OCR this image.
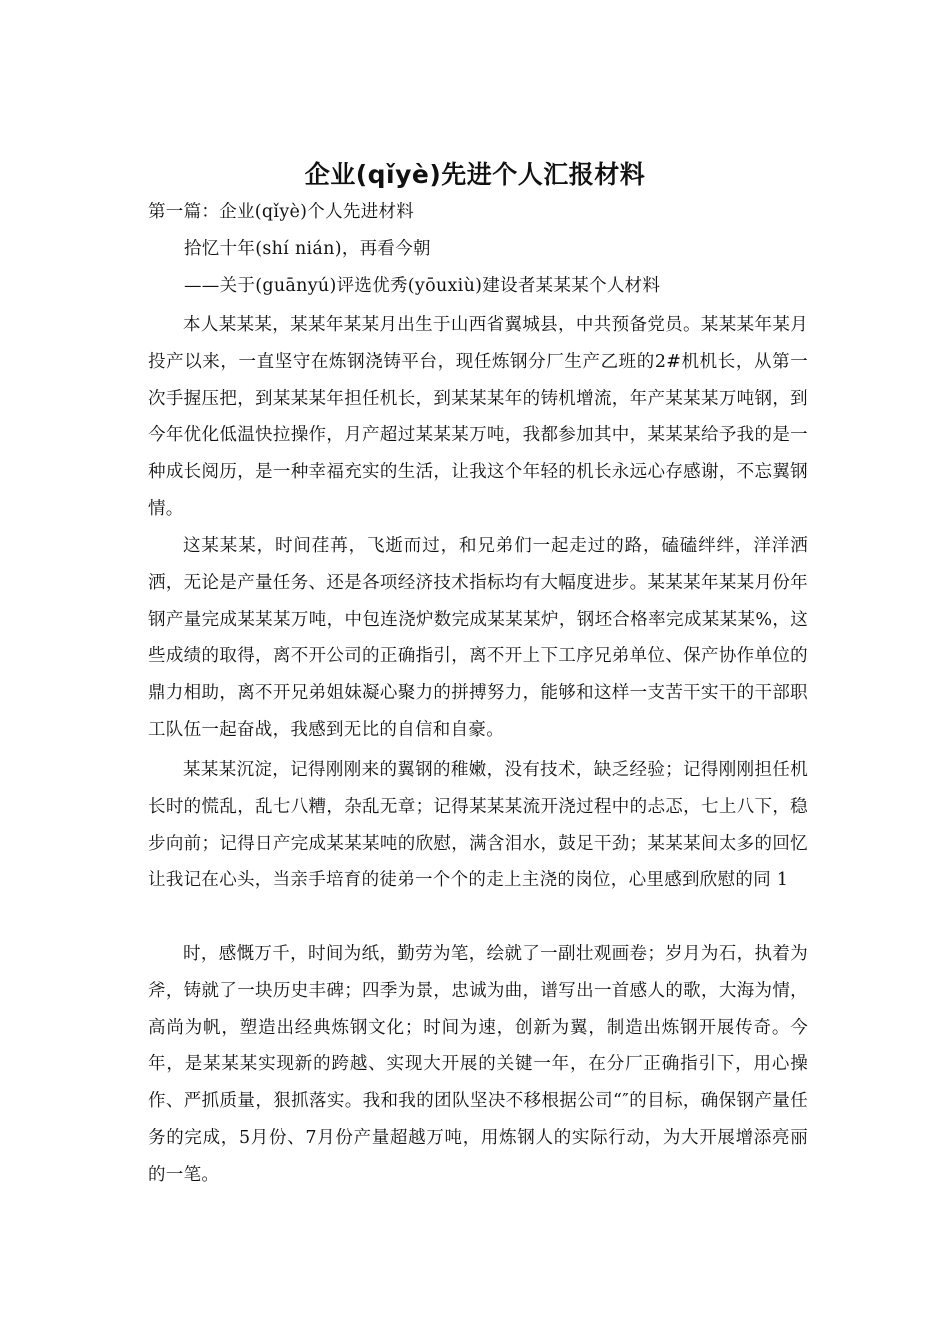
企业(qǐyè)先进个人汇报材料
第一篇：企业(qǐyè)个人先进材料
拾忆十年(shí nián)，再看今朝
——关于(guānyú)评选优秀(yōuxiù)建设者某某某个人材料
本人某某某，某某年某某月出生于山西省翼城县，中共预备党员。某某某年某月投产以来，一直坚守在炼钢浇铸平台，现任炼钢分厂生产乙班的2#机机长，从第一次手握压把，到某某某年担任机长，到某某某年的铸机增流，年产某某某万吨钢，到今年优化低温快拉操作，月产超过某某某万吨，我都参加其中，某某某给予我的是一种成长阅历，是一种幸福充实的生活，让我这个年轻的机长永远心存感谢，不忘翼钢情。
这某某某，时间荏苒，飞逝而过，和兄弟们一起走过的路，磕磕绊绊，洋洋洒洒，无论是产量任务、还是各项经济技术指标均有大幅度进步。某某某年某某月份年钢产量完成某某某万吨，中包连浇炉数完成某某某炉，钢坯合格率完成某某某%，这些成绩的取得，离不开公司的正确指引，离不开上下工序兄弟单位、保产协作单位的鼎力相助，离不开兄弟姐妹凝心聚力的拼搏努力，能够和这样一支苦干实干的干部职工队伍一起奋战，我感到无比的自信和自豪。
某某某沉淀，记得刚刚来的翼钢的稚嫩，没有技术，缺乏经验；记得刚刚担任机长时的慌乱，乱七八糟，杂乱无章；记得某某某流开浇过程中的忐忑，七上八下，稳步向前；记得日产完成某某某吨的欣慰，满含泪水，鼓足干劲；某某某间太多的回忆让我记在心头，当亲手培育的徒弟一个个的走上主浇的岗位，心里感到欣慰的同 1
时，感慨万千，时间为纸，勤劳为笔，绘就了一副壮观画卷；岁月为石，执着为斧，铸就了一块历史丰碑；四季为景，忠诚为曲，谱写出一首感人的歌，大海为情，高尚为帆，塑造出经典炼钢文化；时间为速，创新为翼，制造出炼钢开展传奇。今年，是某某某实现新的跨越、实现大开展的关键一年，在分厂正确指引下，用心操作、严抓质量，狠抓落实。我和我的团队坚决不移根据公司“″的目标，确保钢产量任务的完成，5月份、7月份产量超越万吨，用炼钢人的实际行动，为大开展增添亮丽的一笔。
